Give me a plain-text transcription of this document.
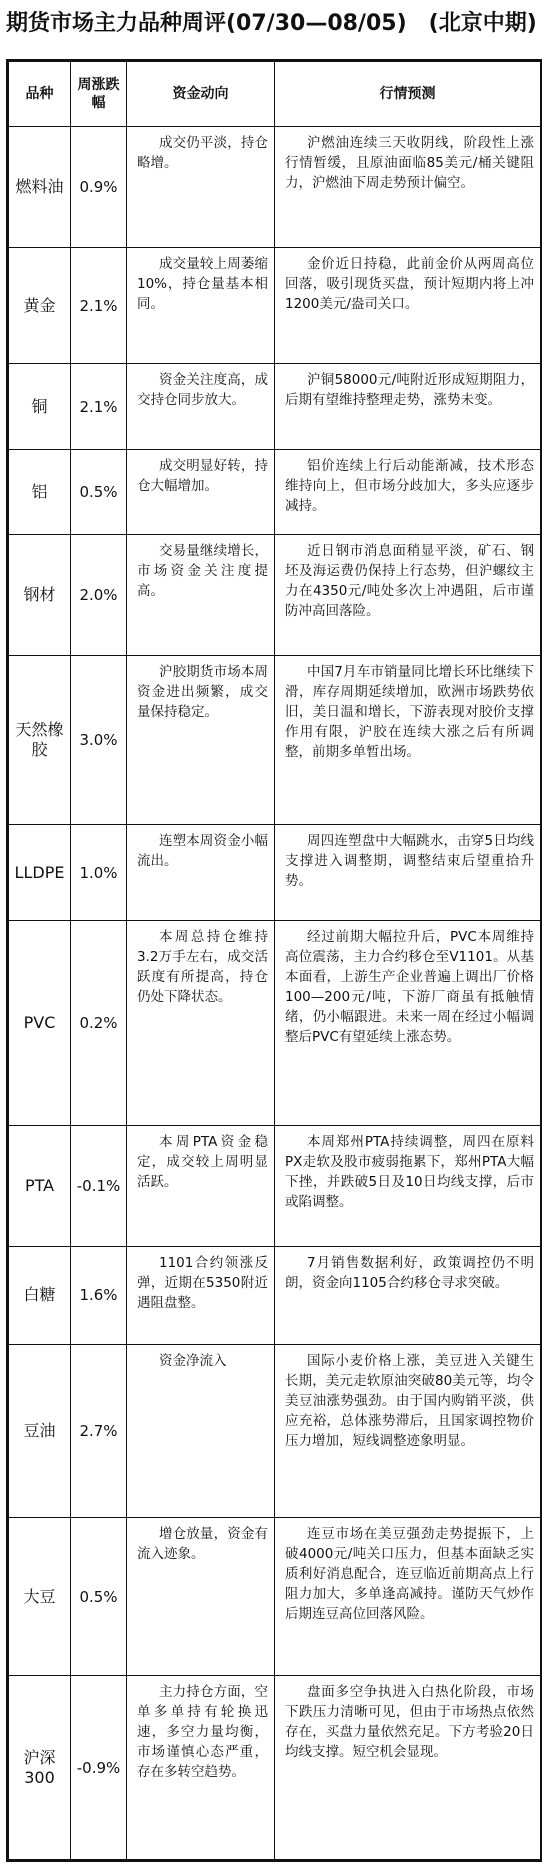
期货市场主力品种周评(07/30—08/05) (北京中期)
品种	周涨跌幅	资金动向	行情预测
燃料油	0.9%	成交仍平淡，持仓略增。	沪燃油连续三天收阴线，阶段性上涨行情暂缓，且原油面临85美元/桶关键阻力，沪燃油下周走势预计偏空。
黄金	2.1%	成交量较上周萎缩10%，持仓量基本相同。	金价近日持稳，此前金价从两周高位回落，吸引现货买盘，预计短期内将上冲1200美元/盎司关口。
铜	2.1%	资金关注度高，成交持仓同步放大。	沪铜58000元/吨附近形成短期阻力，后期有望维持整理走势，涨势未变。
铝	0.5%	成交明显好转，持仓大幅增加。	铝价连续上行后动能渐减，技术形态维持向上，但市场分歧加大，多头应逐步减持。
钢材	2.0%	交易量继续增长，市场资金关注度提高。	近日钢市消息面稍显平淡，矿石、钢坯及海运费仍保持上行态势，但沪螺纹主力在4350元/吨处多次上冲遇阻，后市谨防冲高回落险。
天然橡胶	3.0%	沪胶期货市场本周资金进出频繁，成交量保持稳定。	中国7月车市销量同比增长环比继续下滑，库存周期延续增加，欧洲市场跌势依旧，美日温和增长，下游表现对胶价支撑作用有限，沪胶在连续大涨之后有所调整，前期多单暂出场。
LLDPE	1.0%	连塑本周资金小幅流出。	周四连塑盘中大幅跳水，击穿5日均线支撑进入调整期，调整结束后望重拾升势。
PVC	0.2%	本周总持仓维持3.2万手左右，成交活跃度有所提高，持仓仍处下降状态。	经过前期大幅拉升后，PVC本周维持高位震荡，主力合约移仓至V1101。从基本面看，上游生产企业普遍上调出厂价格100—200元/吨，下游厂商虽有抵触情绪，仍小幅跟进。未来一周在经过小幅调整后PVC有望延续上涨态势。
PTA	-0.1%	本周PTA资金稳定，成交较上周明显活跃。	本周郑州PTA持续调整，周四在原料PX走软及股市疲弱拖累下，郑州PTA大幅下挫，并跌破5日及10日均线支撑，后市或陷调整。
白糖	1.6%	1101合约领涨反弹，近期在5350附近遇阻盘整。	7月销售数据利好，政策调控仍不明朗，资金向1105合约移仓寻求突破。
豆油	2.7%	资金净流入	国际小麦价格上涨，美豆进入关键生长期，美元走软原油突破80美元等，均令美豆油涨势强劲。由于国内购销平淡，供应充裕，总体涨势滞后，且国家调控物价压力增加，短线调整迹象明显。
大豆	0.5%	增仓放量，资金有流入迹象。	连豆市场在美豆强劲走势提振下，上破4000元/吨关口压力，但基本面缺乏实质利好消息配合，连豆临近前期高点上行阻力加大，多单逢高减持。谨防天气炒作后期连豆高位回落风险。
沪深300	-0.9%	主力持仓方面，空单多单持有轮换迅速，多空力量均衡，市场谨慎心态严重，存在多转空趋势。	盘面多空争执进入白热化阶段，市场下跌压力清晰可见，但由于市场热点依然存在，买盘力量依然充足。下方考验20日均线支撑。短空机会显现。
